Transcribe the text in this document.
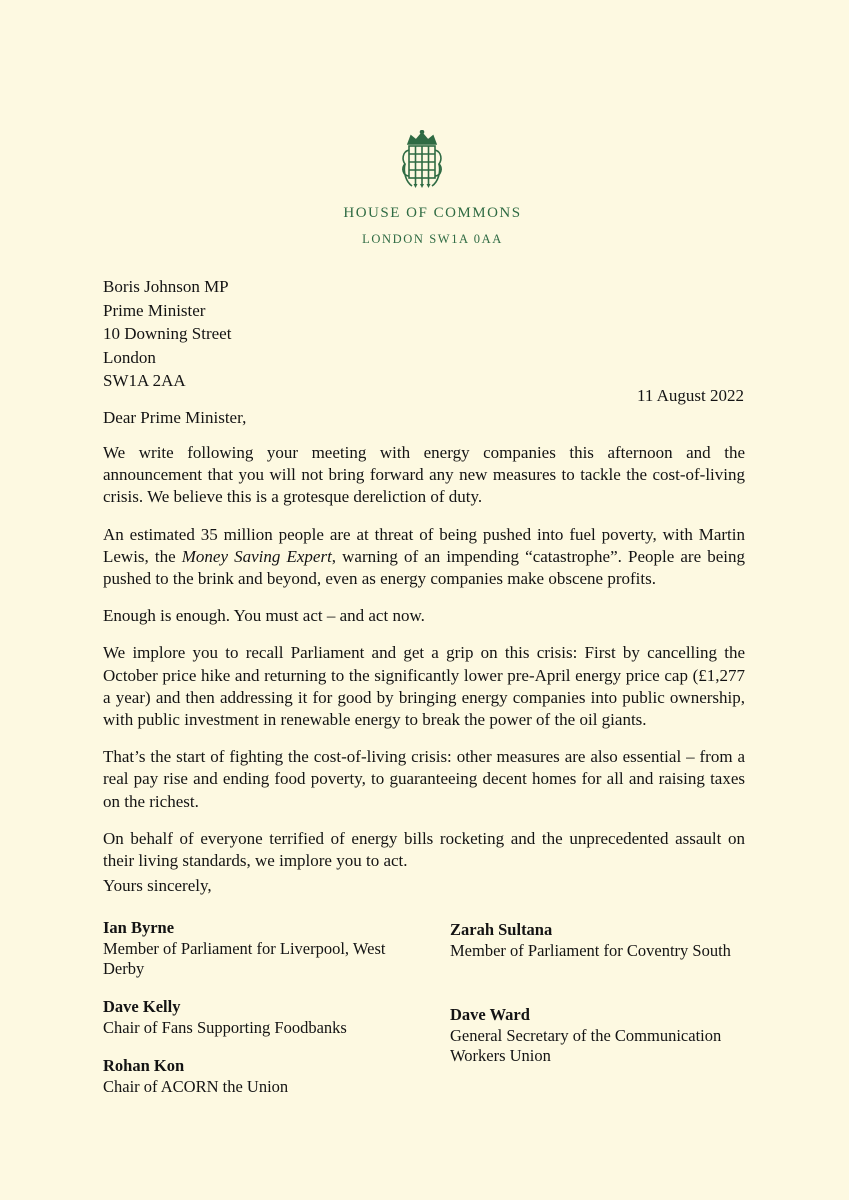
HOUSE OF COMMONS
LONDON SW1A 0AA
Boris Johnson MP
Prime Minister
10 Downing Street
London
SW1A 2AA
11 August 2022
Dear Prime Minister,

We write following your meeting with energy companies this afternoon and the announcement that you will not bring forward any new measures to tackle the cost-of-living crisis. We believe this is a grotesque dereliction of duty.

An estimated 35 million people are at threat of being pushed into fuel poverty, with Martin Lewis, the Money Saving Expert, warning of an impending “catastrophe”. People are being pushed to the brink and beyond, even as energy companies make obscene profits.

Enough is enough. You must act – and act now.

We implore you to recall Parliament and get a grip on this crisis: First by cancelling the October price hike and returning to the significantly lower pre-April energy price cap (£1,277 a year) and then addressing it for good by bringing energy companies into public ownership, with public investment in renewable energy to break the power of the oil giants.

That’s the start of fighting the cost-of-living crisis: other measures are also essential – from a real pay rise and ending food poverty, to guaranteeing decent homes for all and raising taxes on the richest.

On behalf of everyone terrified of energy bills rocketing and the unprecedented assault on their living standards, we implore you to act.

Yours sincerely,
Ian Byrne
Member of Parliament for Liverpool, West Derby
Zarah Sultana
Member of Parliament for Coventry South
Dave Kelly
Chair of Fans Supporting Foodbanks
Dave Ward
General Secretary of the Communication Workers Union
Rohan Kon
Chair of ACORN the Union
